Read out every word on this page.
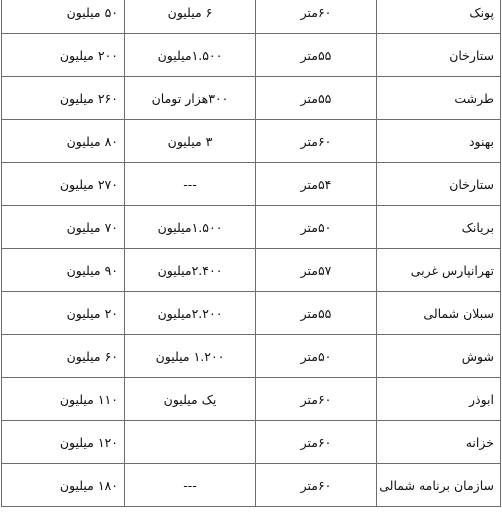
پونک	۶۰متر	۶ میلیون	۵۰ میلیون
ستارخان	۵۵متر	۱.۵۰۰میلیون	۲۰۰ میلیون
طرشت	۵۵متر	۳۰۰هزار تومان	۲۶۰ میلیون
بهنود	۶۰متر	۳ میلیون	۸۰ میلیون
ستارخان	۵۴متر	---	۲۷۰ میلیون
بریانک	۵۰متر	۱.۵۰۰میلیون	۷۰ میلیون
تهرانپارس غربی	۵۷متر	۲.۴۰۰میلیون	۹۰ میلیون
سبلان شمالی	۵۵متر	۲.۲۰۰میلیون	۲۰ میلیون
شوش	۵۰متر	۱.۲۰۰ میلیون	۶۰ میلیون
ابوذر	۶۰متر	یک میلیون	۱۱۰ میلیون
خزانه	۶۰متر		۱۲۰ میلیون
سازمان برنامه شمالی	۶۰متر	---	۱۸۰ میلیون
